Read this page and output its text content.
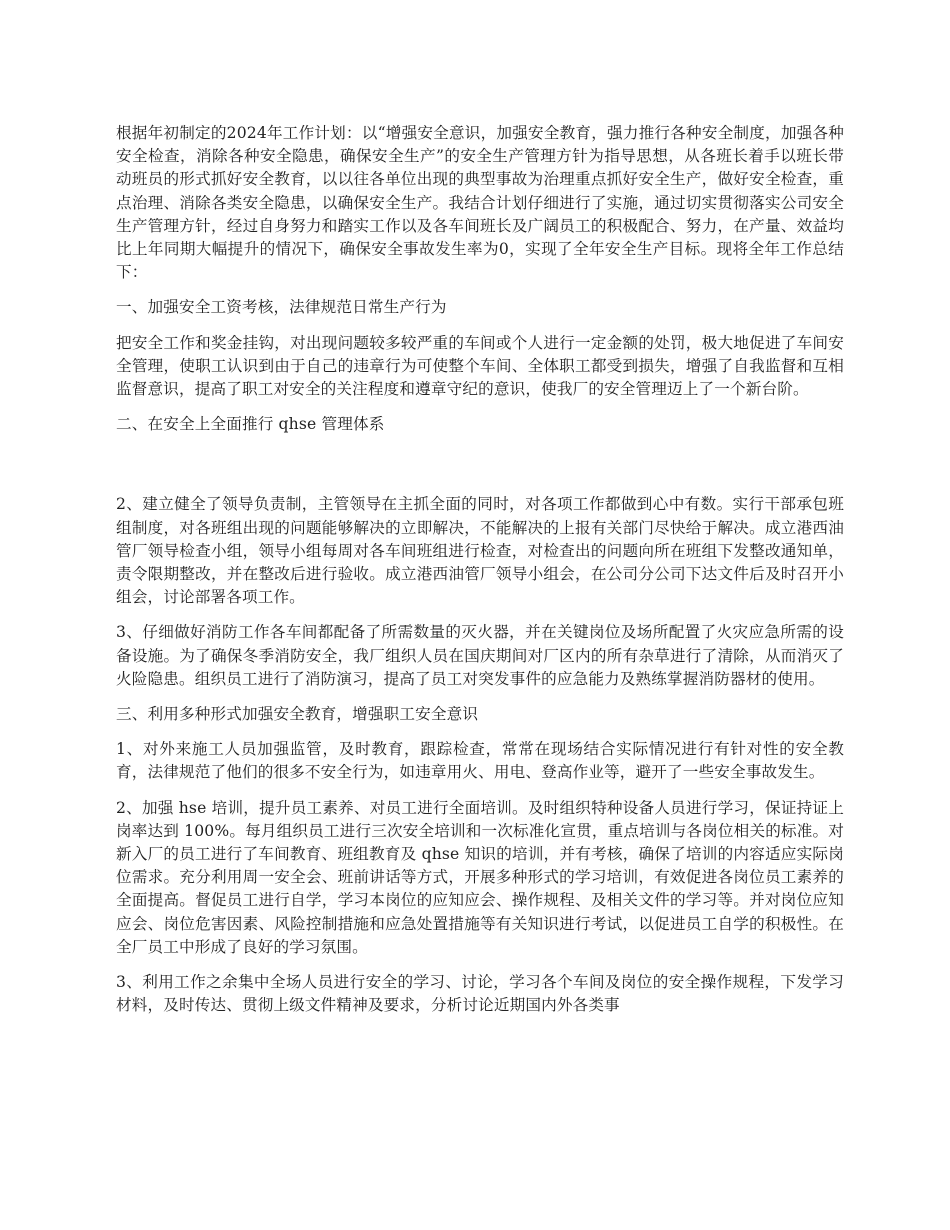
根据年初制定的2024年工作计划：以“增强安全意识，加强安全教育，强力推行各种安全制度，加强各种安全检查，消除各种安全隐患，确保安全生产”的安全生产管理方针为指导思想，从各班长着手以班长带动班员的形式抓好安全教育，以以往各单位出现的典型事故为治理重点抓好安全生产，做好安全检查，重点治理、消除各类安全隐患，以确保安全生产。我结合计划仔细进行了实施，通过切实贯彻落实公司安全生产管理方针，经过自身努力和踏实工作以及各车间班长及广阔员工的积极配合、努力，在产量、效益均比上年同期大幅提升的情况下，确保安全事故发生率为0，实现了全年安全生产目标。现将全年工作总结下：

一、加强安全工资考核，法律规范日常生产行为

把安全工作和奖金挂钩，对出现问题较多较严重的车间或个人进行一定金额的处罚，极大地促进了车间安全管理，使职工认识到由于自己的违章行为可使整个车间、全体职工都受到损失，增强了自我监督和互相监督意识，提高了职工对安全的关注程度和遵章守纪的意识，使我厂的安全管理迈上了一个新台阶。

二、在安全上全面推行 qhse 管理体系

2、建立健全了领导负责制，主管领导在主抓全面的同时，对各项工作都做到心中有数。实行干部承包班组制度，对各班组出现的问题能够解决的立即解决，不能解决的上报有关部门尽快给于解决。成立港西油管厂领导检查小组，领导小组每周对各车间班组进行检查，对检查出的问题向所在班组下发整改通知单，责令限期整改，并在整改后进行验收。成立港西油管厂领导小组会，在公司分公司下达文件后及时召开小组会，讨论部署各项工作。

3、仔细做好消防工作各车间都配备了所需数量的灭火器，并在关键岗位及场所配置了火灾应急所需的设备设施。为了确保冬季消防安全，我厂组织人员在国庆期间对厂区内的所有杂草进行了清除，从而消灭了火险隐患。组织员工进行了消防演习，提高了员工对突发事件的应急能力及熟练掌握消防器材的使用。

三、利用多种形式加强安全教育，增强职工安全意识

1、对外来施工人员加强监管，及时教育，跟踪检查，常常在现场结合实际情况进行有针对性的安全教育，法律规范了他们的很多不安全行为，如违章用火、用电、登高作业等，避开了一些安全事故发生。

2、加强 hse 培训，提升员工素养、对员工进行全面培训。及时组织特种设备人员进行学习，保证持证上岗率达到 100%。每月组织员工进行三次安全培训和一次标准化宣贯，重点培训与各岗位相关的标准。对新入厂的员工进行了车间教育、班组教育及 qhse 知识的培训，并有考核，确保了培训的内容适应实际岗位需求。充分利用周一安全会、班前讲话等方式，开展多种形式的学习培训，有效促进各岗位员工素养的全面提高。督促员工进行自学，学习本岗位的应知应会、操作规程、及相关文件的学习等。并对岗位应知应会、岗位危害因素、风险控制措施和应急处置措施等有关知识进行考试，以促进员工自学的积极性。在全厂员工中形成了良好的学习氛围。

3、利用工作之余集中全场人员进行安全的学习、讨论，学习各个车间及岗位的安全操作规程，下发学习材料，及时传达、贯彻上级文件精神及要求，分析讨论近期国内外各类事
